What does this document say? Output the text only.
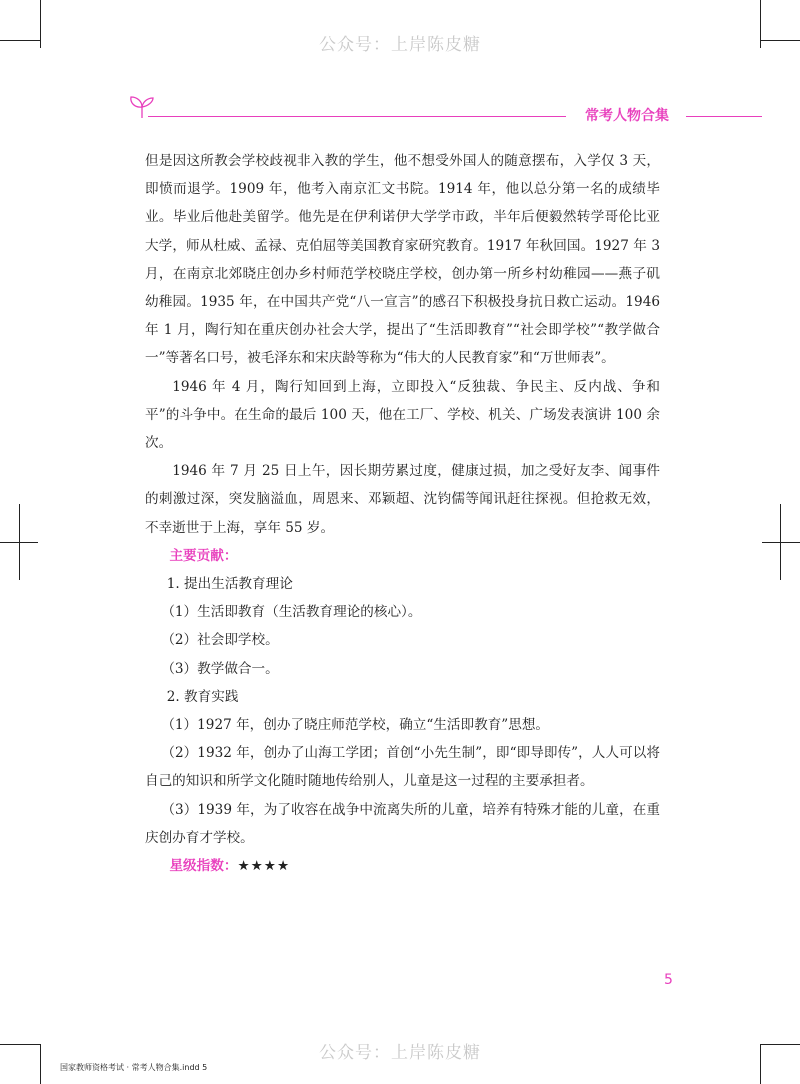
公众号：上岸陈皮糖
常考人物合集

但是因这所教会学校歧视非入教的学生，他不想受外国人的随意摆布，入学仅 3 天，即愤而退学。1909 年，他考入南京汇文书院。1914 年，他以总分第一名的成绩毕业。毕业后他赴美留学。他先是在伊利诺伊大学学市政，半年后便毅然转学哥伦比亚大学，师从杜威、孟禄、克伯屈等美国教育家研究教育。1917 年秋回国。1927 年 3 月，在南京北郊晓庄创办乡村师范学校晓庄学校，创办第一所乡村幼稚园——燕子矶幼稚园。1935 年，在中国共产党“八一宣言”的感召下积极投身抗日救亡运动。1946 年 1 月，陶行知在重庆创办社会大学，提出了“生活即教育”“社会即学校”“教学做合一”等著名口号，被毛泽东和宋庆龄等称为“伟大的人民教育家”和“万世师表”。

1946 年 4 月，陶行知回到上海，立即投入“反独裁、争民主、反内战、争和平”的斗争中。在生命的最后 100 天，他在工厂、学校、机关、广场发表演讲 100 余次。

1946 年 7 月 25 日上午，因长期劳累过度，健康过损，加之受好友李、闻事件的刺激过深，突发脑溢血，周恩来、邓颖超、沈钧儒等闻讯赶往探视。但抢救无效，不幸逝世于上海，享年 55 岁。

主要贡献：

1. 提出生活教育理论

（1）生活即教育（生活教育理论的核心）。

（2）社会即学校。

（3）教学做合一。

2. 教育实践

（1）1927 年，创办了晓庄师范学校，确立“生活即教育”思想。

（2）1932 年，创办了山海工学团；首创“小先生制”，即“即导即传”，人人可以将自己的知识和所学文化随时随地传给别人，儿童是这一过程的主要承担者。

（3）1939 年，为了收容在战争中流离失所的儿童，培养有特殊才能的儿童，在重庆创办育才学校。

星级指数：★★★★

5
公众号：上岸陈皮糖
国家教师资格考试 · 常考人物合集.indd 5
